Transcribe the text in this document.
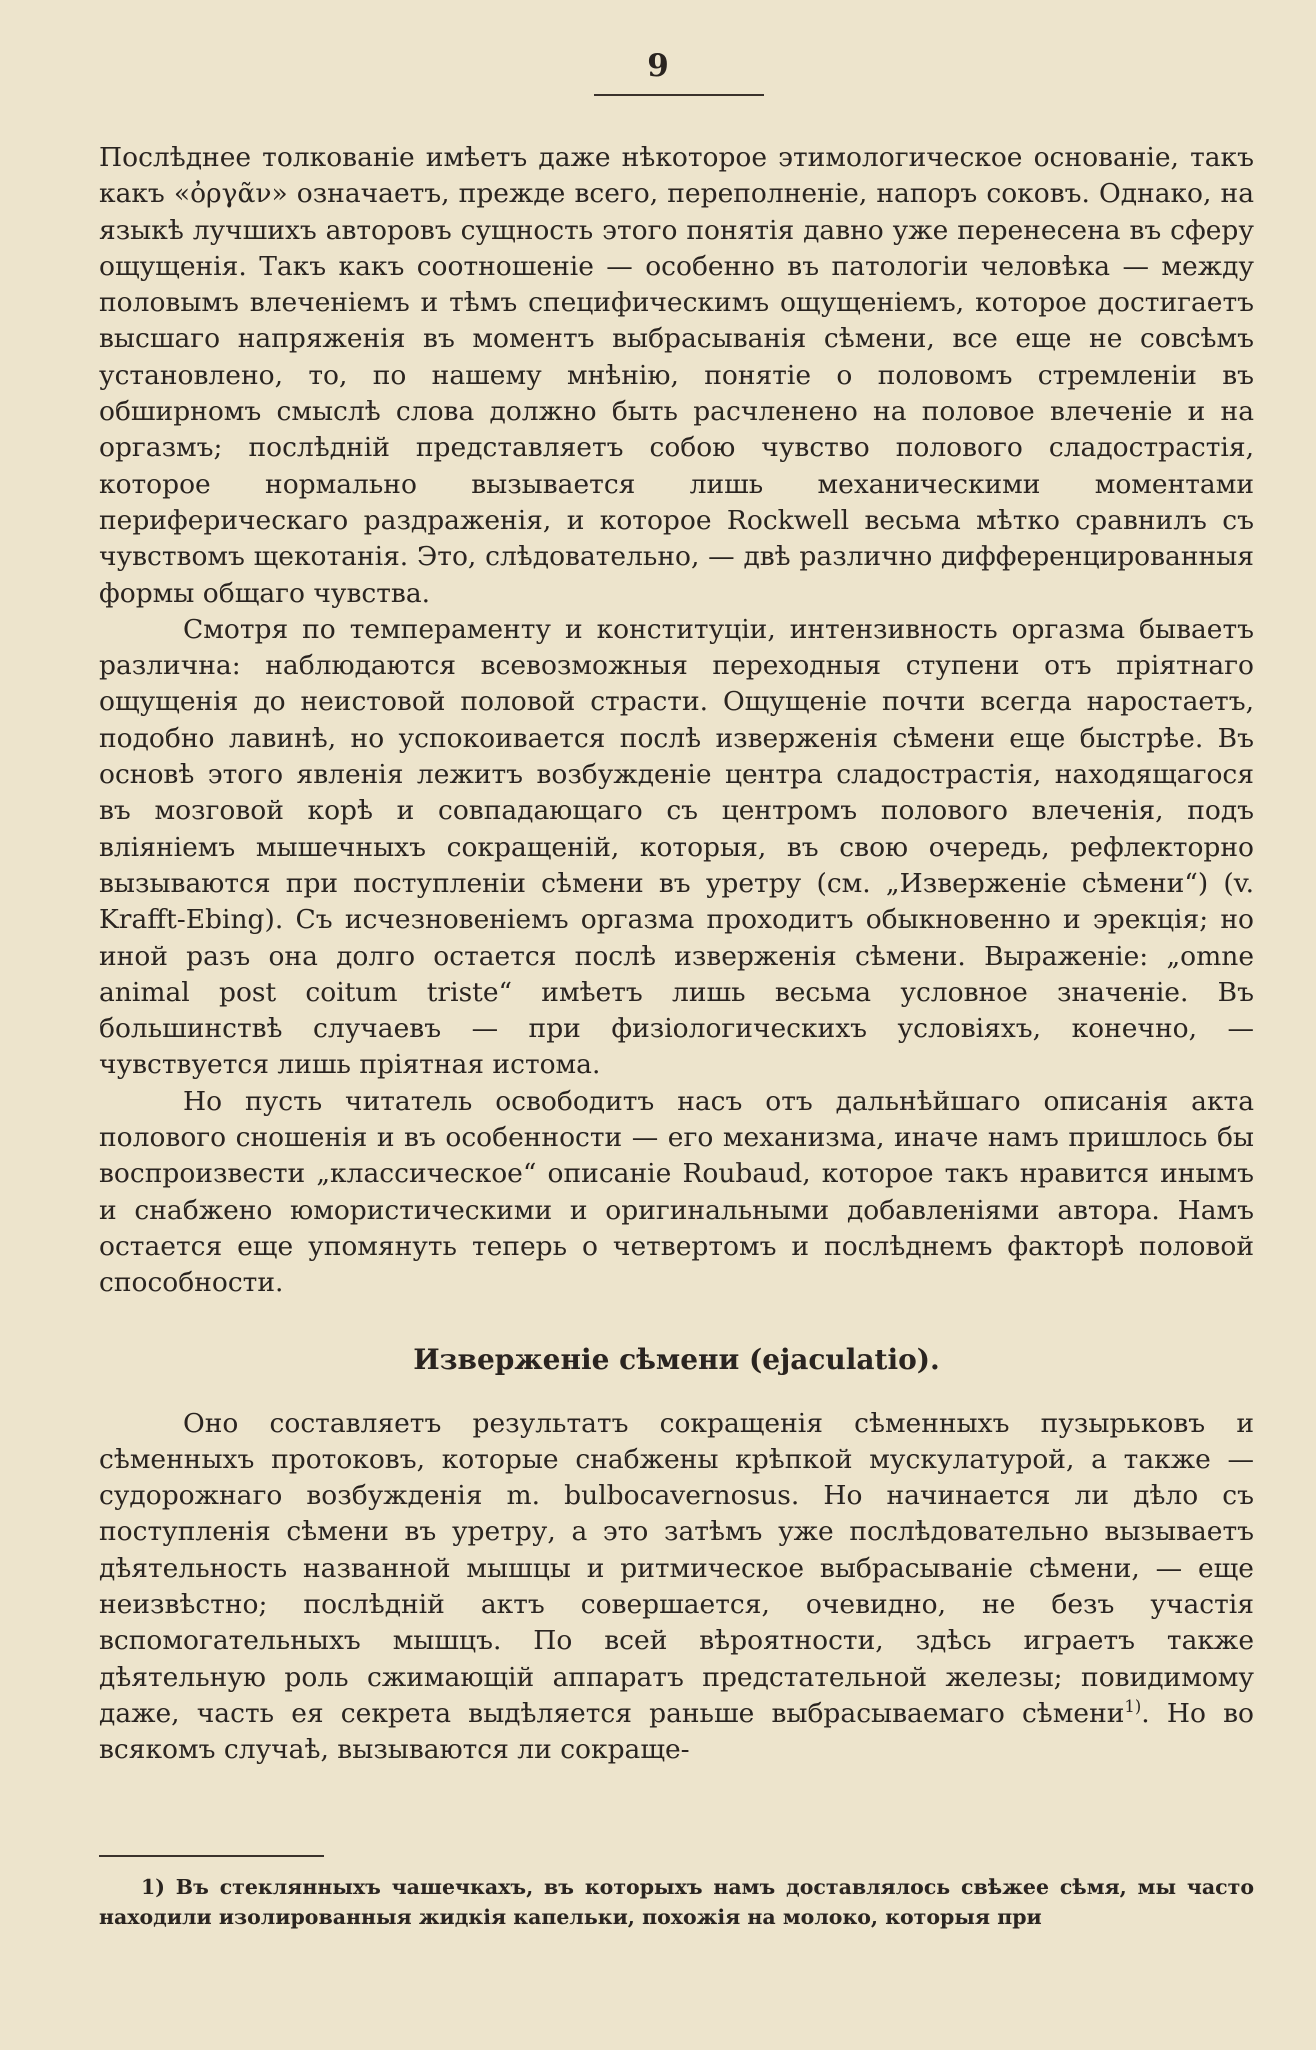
9

Послѣднее толкованіе имѣетъ даже нѣкоторое этимологическое основаніе, такъ какъ «ὀργᾶν» означаетъ, прежде всего, переполненіе, напоръ соковъ. Однако, на языкѣ лучшихъ авторовъ сущность этого понятія давно уже перенесена въ сферу ощущенія. Такъ какъ соотношеніе — особенно въ патологіи человѣка — между половымъ влеченіемъ и тѣмъ специфическимъ ощущеніемъ, которое достигаетъ высшаго напряженія въ моментъ выбрасыванія сѣмени, все еще не совсѣмъ установлено, то, по нашему мнѣнію, понятіе о половомъ стремленіи въ обширномъ смыслѣ слова должно быть расчленено на половое влеченіе и на оргазмъ; послѣдній представляетъ собою чувство полового сладострастія, которое нормально вызывается лишь механическими моментами периферическаго раздраженія, и которое Rockwell весьма мѣтко сравнилъ съ чувствомъ щекотанія. Это, слѣдовательно, — двѣ различно дифференцированныя формы общаго чувства.

Смотря по темпераменту и конституціи, интензивность оргазма бываетъ различна: наблюдаются всевозможныя переходныя ступени отъ пріятнаго ощущенія до неистовой половой страсти. Ощущеніе почти всегда наростаетъ, подобно лавинѣ, но успокоивается послѣ изверженія сѣмени еще быстрѣе. Въ основѣ этого явленія лежитъ возбужденіе центра сладострастія, находящагося въ мозговой корѣ и совпадающаго съ центромъ полового влеченія, подъ вліяніемъ мышечныхъ сокращеній, которыя, въ свою очередь, рефлекторно вызываются при поступленіи сѣмени въ уретру (см. „Изверженіе сѣмени“) (v. Krafft-Ebing). Съ исчезновеніемъ оргазма проходитъ обыкновенно и эрекція; но иной разъ она долго остается послѣ изверженія сѣмени. Выраженіе: „omne animal post coitum triste“ имѣетъ лишь весьма условное значеніе. Въ большинствѣ случаевъ — при физіологическихъ условіяхъ, конечно, — чувствуется лишь пріятная истома.

Но пусть читатель освободитъ насъ отъ дальнѣйшаго описанія акта полового сношенія и въ особенности — его механизма, иначе намъ пришлось бы воспроизвести „классическое“ описаніе Roubaud, которое такъ нравится инымъ и снабжено юмористическими и оригинальными добавленіями автора. Намъ остается еще упомянуть теперь о четвертомъ и послѣднемъ факторѣ половой способности.

Изверженіе сѣмени (ejaculatio).

Оно составляетъ результатъ сокращенія сѣменныхъ пузырьковъ и сѣменныхъ протоковъ, которые снабжены крѣпкой мускулатурой, а также — судорожнаго возбужденія m. bulbocavernosus. Но начинается ли дѣло съ поступленія сѣмени въ уретру, а это затѣмъ уже послѣдовательно вызываетъ дѣятельность названной мышцы и ритмическое выбрасываніе сѣмени, — еще неизвѣстно; послѣдній актъ совершается, очевидно, не безъ участія вспомогательныхъ мышцъ. По всей вѣроятности, здѣсь играетъ также дѣятельную роль сжимающій аппаратъ предстательной железы; повидимому даже, часть ея секрета выдѣляется раньше выбрасываемаго сѣмени$^{1)}$. Но во всякомъ случаѣ, вызываются ли сокраще-

1) Въ стеклянныхъ чашечкахъ, въ которыхъ намъ доставлялось свѣжее сѣмя, мы часто находили изолированныя жидкія капельки, похожія на молоко, которыя при
